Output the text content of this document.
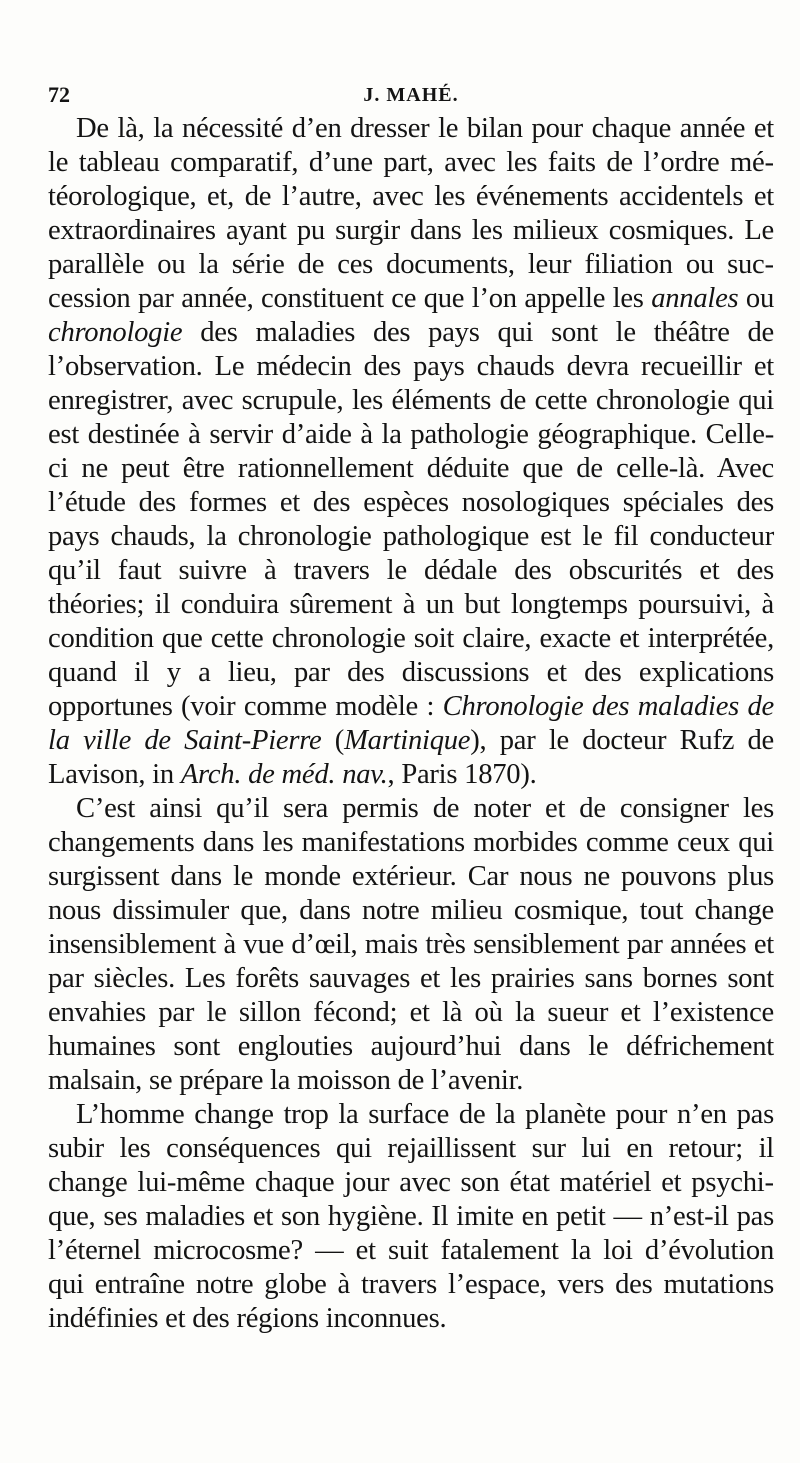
72	J. MAHÉ.

De là, la nécessité d’en dresser le bilan pour chaque année et le tableau comparatif, d’une part, avec les faits de l’ordre météorologique, et, de l’autre, avec les événements accidentels et extraordinaires ayant pu surgir dans les milieux cosmiques. Le parallèle ou la série de ces documents, leur filiation ou succession par année, constituent ce que l’on appelle les annales ou chronologie des maladies des pays qui sont le théâtre de l’observation. Le médecin des pays chauds devra recueillir et enregistrer, avec scrupule, les éléments de cette chronologie qui est destinée à servir d’aide à la pathologie géographique. Celle-ci ne peut être rationnellement déduite que de celle-là. Avec l’étude des formes et des espèces nosologiques spéciales des pays chauds, la chronologie pathologique est le fil conducteur qu’il faut suivre à travers le dédale des obscurités et des théories; il conduira sûrement à un but longtemps poursuivi, à condition que cette chronologie soit claire, exacte et interprétée, quand il y a lieu, par des discussions et des explications opportunes (voir comme modèle : Chronologie des maladies de la ville de Saint-Pierre (Martinique), par le docteur Rufz de Lavison, in Arch. de méd. nav., Paris 1870).

C’est ainsi qu’il sera permis de noter et de consigner les changements dans les manifestations morbides comme ceux qui surgissent dans le monde extérieur. Car nous ne pouvons plus nous dissimuler que, dans notre milieu cosmique, tout change insensiblement à vue d’œil, mais très sensiblement par années et par siècles. Les forêts sauvages et les prairies sans bornes sont envahies par le sillon fécond; et là où la sueur et l’existence humaines sont englouties aujourd’hui dans le défrichement malsain, se prépare la moisson de l’avenir.

L’homme change trop la surface de la planète pour n’en pas subir les conséquences qui rejaillissent sur lui en retour; il change lui-même chaque jour avec son état matériel et psychique, ses maladies et son hygiène. Il imite en petit — n’est-il pas l’éternel microcosme? — et suit fatalement la loi d’évolution qui entraîne notre globe à travers l’espace, vers des mutations indéfinies et des régions inconnues.
